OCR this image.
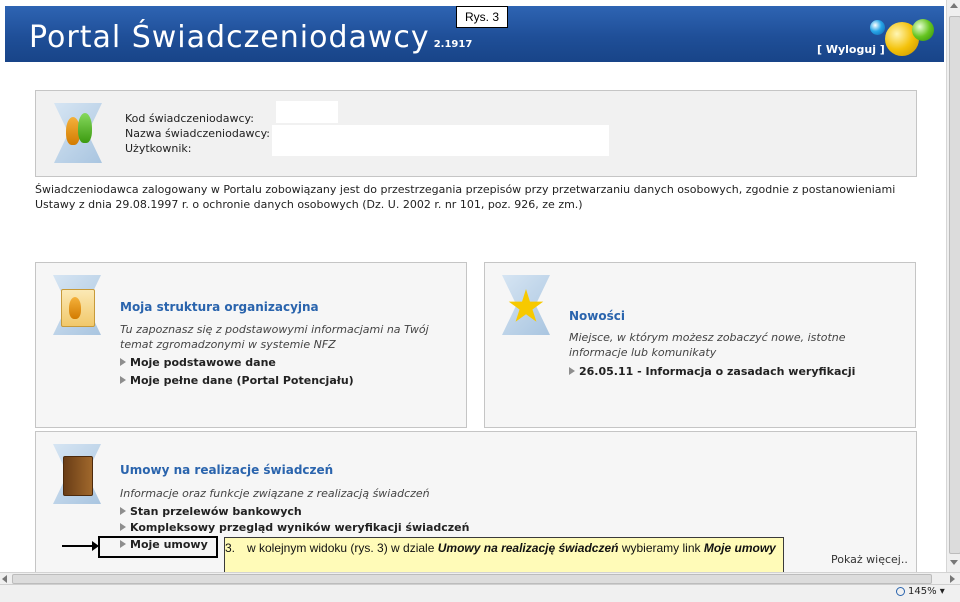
Portal Świadczeniodawcy 2.1917	[ Wyloguj ]
Rys. 3
Kod świadczeniodawcy:
Nazwa świadczeniodawcy:
Użytkownik:
Świadczeniodawca zalogowany w Portalu zobowiązany jest do przestrzegania przepisów przy przetwarzaniu danych osobowych, zgodnie z postanowieniami Ustawy z dnia 29.08.1997 r. o ochronie danych osobowych (Dz. U. 2002 r. nr 101, poz. 926, ze zm.)
Moja struktura organizacyjna
Tu zapoznasz się z podstawowymi informacjami na Twój temat zgromadzonymi w systemie NFZ
Moje podstawowe dane
Moje pełne dane (Portal Potencjału)
Nowości
Miejsce, w którym możesz zobaczyć nowe, istotne informacje lub komunikaty
26.05.11 - Informacja o zasadach weryfikacji
Umowy na realizacje świadczeń
Informacje oraz funkcje związane z realizacją świadczeń
Stan przelewów bankowych
Kompleksowy przegląd wyników weryfikacji świadczeń
Moje umowy
Pokaż więcej..
3. w kolejnym widoku (rys. 3) w dziale Umowy na realizację świadczeń wybieramy link Moje umowy
145% ▾
